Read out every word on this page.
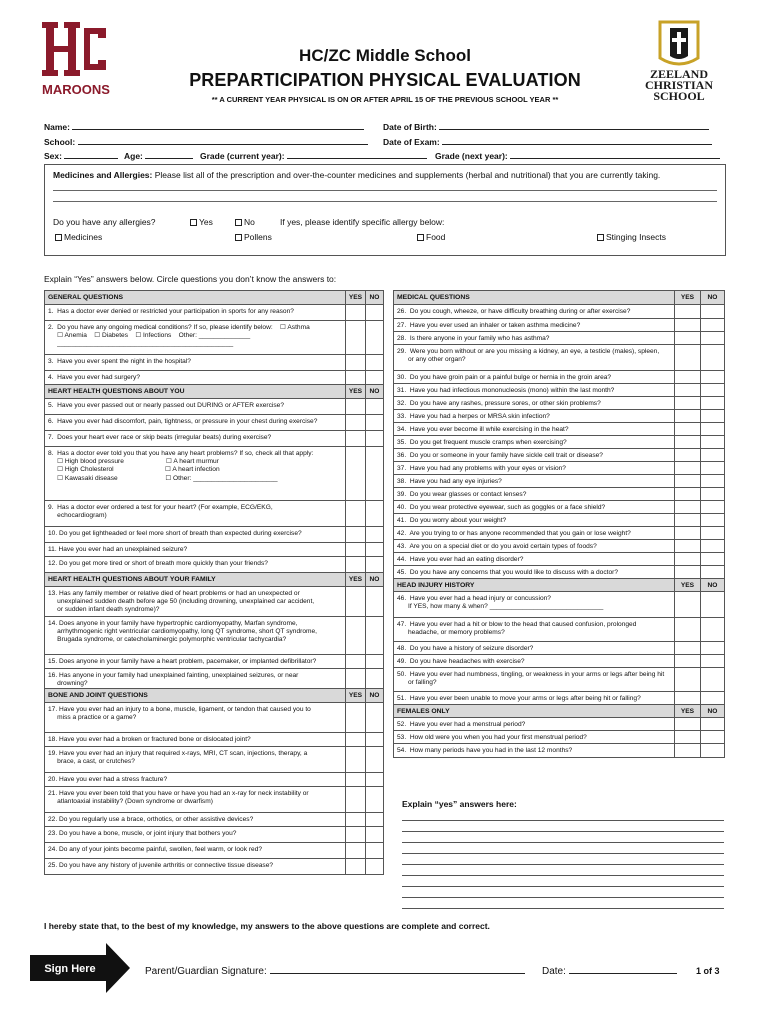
MAROONS
ZEELAND
CHRISTIAN
SCHOOL
HC/ZC Middle School
PREPARTICIPATION PHYSICAL EVALUATION
** A CURRENT YEAR PHYSICAL IS ON OR AFTER APRIL 15 OF THE PREVIOUS SCHOOL YEAR **
Name:	Date of Birth:
School:	Date of Exam:
Sex:	Age:	Grade (current year):	Grade (next year):
Medicines and Allergies: Please list all of the prescription and over-the-counter medicines and supplements (herbal and nutritional) that you are currently taking.
Do you have any allergies?	Yes	No	If yes, please identify specific allergy below:
Medicines	Pollens	Food	Stinging Insects
Explain “Yes” answers below. Circle questions you don’t know the answers to:
GENERAL QUESTIONS	YES	NO
1.  Has a doctor ever denied or restricted your participation in sports for any reason?
2.  Do you have any ongoing medical conditions? If so, please identify below:    ☐ Asthma
☐ Anemia    ☐ Diabetes    ☐ Infections    Other: ______________
________________________________________________
3.  Have you ever spent the night in the hospital?
4.  Have you ever had surgery?
HEART HEALTH QUESTIONS ABOUT YOU	YES	NO
5.  Have you ever passed out or nearly passed out DURING or AFTER exercise?
6.  Have you ever had discomfort, pain, tightness, or pressure in your chest during exercise?
7.  Does your heart ever race or skip beats (irregular beats) during exercise?
8.  Has a doctor ever told you that you have any heart problems? If so, check all that apply:
☐ High blood pressure                       ☐ A heart murmur
☐ High Cholesterol                            ☐ A heart infection
☐ Kawasaki disease                          ☐ Other: _______________________
9.  Has a doctor ever ordered a test for your heart? (For example, ECG/EKG,
echocardiogram)
10. Do you get lightheaded or feel more short of breath than expected during exercise?
11. Have you ever had an unexplained seizure?
12. Do you get more tired or short of breath more quickly than your friends?
HEART HEALTH QUESTIONS ABOUT YOUR FAMILY	YES	NO
13. Has any family member or relative died of heart problems or had an unexpected or
unexplained sudden death before age 50 (including drowning, unexplained car accident,
or sudden infant death syndrome)?
14. Does anyone in your family have hypertrophic cardiomyopathy, Marfan syndrome,
arrhythmogenic right ventricular cardiomyopathy, long QT syndrome, short QT syndrome,
Brugada syndrome, or catecholaminergic polymorphic ventricular tachycardia?
15. Does anyone in your family have a heart problem, pacemaker, or implanted defibrillator?
16. Has anyone in your family had unexplained fainting, unexplained seizures, or near
drowning?
BONE AND JOINT QUESTIONS	YES	NO
17. Have you ever had an injury to a bone, muscle, ligament, or tendon that caused you to
miss a practice or a game?
18. Have you ever had a broken or fractured bone or dislocated joint?
19. Have you ever had an injury that required x-rays, MRI, CT scan, injections, therapy, a
brace, a cast, or crutches?
20. Have you ever had a stress fracture?
21. Have you ever been told that you have or have you had an x-ray for neck instability or
atlantoaxial instability? (Down syndrome or dwarfism)
22. Do you regularly use a brace, orthotics, or other assistive devices?
23. Do you have a bone, muscle, or joint injury that bothers you?
24. Do any of your joints become painful, swollen, feel warm, or look red?
25. Do you have any history of juvenile arthritis or connective tissue disease?
MEDICAL QUESTIONS	YES	NO
26.  Do you cough, wheeze, or have difficulty breathing during or after exercise?
27.  Have you ever used an inhaler or taken asthma medicine?
28.  Is there anyone in your family who has asthma?
29.  Were you born without or are you missing a kidney, an eye, a testicle (males), spleen,
or any other organ?
30.  Do you have groin pain or a painful bulge or hernia in the groin area?
31.  Have you had infectious mononucleosis (mono) within the last month?
32.  Do you have any rashes, pressure sores, or other skin problems?
33.  Have you had a herpes or MRSA skin infection?
34.  Have you ever become ill while exercising in the heat?
35.  Do you get frequent muscle cramps when exercising?
36.  Do you or someone in your family have sickle cell trait or disease?
37.  Have you had any problems with your eyes or vision?
38.  Have you had any eye injuries?
39.  Do you wear glasses or contact lenses?
40.  Do you wear protective eyewear, such as goggles or a face shield?
41.  Do you worry about your weight?
42.  Are you trying to or has anyone recommended that you gain or lose weight?
43.  Are you on a special diet or do you avoid certain types of foods?
44.  Have you ever had an eating disorder?
45.  Do you have any concerns that you would like to discuss with a doctor?
HEAD INJURY HISTORY	YES	NO
46.  Have you ever had a head injury or concussion?
If YES, how many & when? _______________________________
47.  Have you ever had a hit or blow to the head that caused confusion, prolonged
headache, or memory problems?
48.  Do you have a history of seizure disorder?
49.  Do you have headaches with exercise?
50.  Have you ever had numbness, tingling, or weakness in your arms or legs after being hit
or falling?
51.  Have you ever been unable to move your arms or legs after being hit or falling?
FEMALES ONLY	YES	NO
52.  Have you ever had a menstrual period?
53.  How old were you when you had your first menstrual period?
54.  How many periods have you had in the last 12 months?
Explain “yes” answers here:
I hereby state that, to the best of my knowledge, my answers to the above questions are complete and correct.
Sign Here	Parent/Guardian Signature:	Date:	1 of 3
